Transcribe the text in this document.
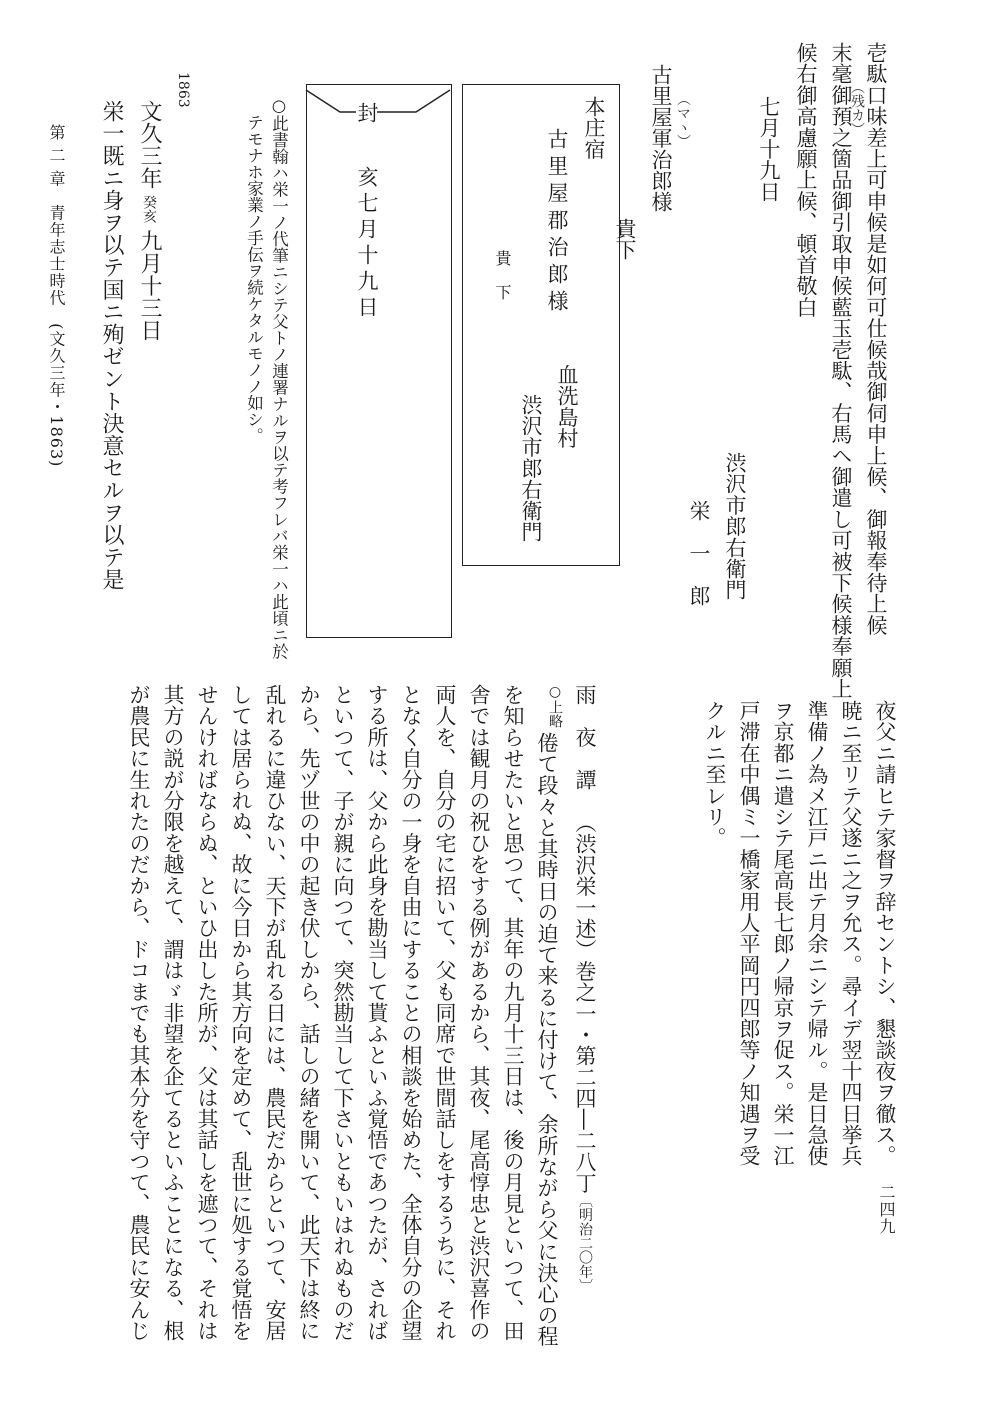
壱駄口味差上可申候是如何可仕候哉御伺申上候、御報奉待上候
末毫御預之箇品御引取申候藍玉壱駄、右馬ヘ御遣し可被下候様奉願上
（残カ）
候右御高慮願上候、頓首敬白
七月十九日
渋沢市郎右衛門
栄　一　郎
（マヽ）
古里屋軍治郎様
貴下
本庄宿
古里屋郡治郎様
貴　下
血洗島村
渋沢市郎右衛門
封
亥七月十九日
○此書翰ハ栄一ノ代筆ニシテ父トノ連署ナルヲ以テ考フレバ栄一ハ此頃ニ於
テモナホ家業ノ手伝ヲ続ケタルモノノ如シ。
1863
文久三年癸亥九月十三日
栄一既ニ身ヲ以テ国ニ殉ゼント決意セルヲ以テ是
第 二 章　青年志士時代　(文久三年・1863)
夜父ニ請ヒテ家督ヲ辞セントシ、懇談夜ヲ徹ス。
暁ニ至リテ父遂ニ之ヲ允ス。尋イデ翌十四日挙兵
準備ノ為メ江戸ニ出テ月余ニシテ帰ル。是日急使
ヲ京都ニ遣シテ尾高長七郎ノ帰京ヲ促ス。栄一江
戸滞在中偶ミ一橋家用人平岡円四郎等ノ知遇ヲ受
クルニ至レリ。
雨　夜　譚（渋沢栄一述）巻之一・第二四―二八丁〔明治二〇年〕
○上略
倦て段々と其時日の迫て来るに付けて、余所ながら父に決心の程
を知らせたいと思つて、其年の九月十三日は、後の月見といつて、田
舎では観月の祝ひをする例があるから、其夜、尾高惇忠と渋沢喜作の
両人を、自分の宅に招いて、父も同席で世間話しをするうちに、それ
となく自分の一身を自由にすることの相談を始めた、全体自分の企望
する所は、父から此身を勘当して貰ふといふ覚悟であつたが、されば
といつて、子が親に向つて、突然勘当して下さいともいはれぬものだ
から、先ヅ世の中の起き伏しから、話しの緒を開いて、此天下は終に
乱れるに違ひない、天下が乱れる日には、農民だからといつて、安居
しては居られぬ、故に今日から其方向を定めて、乱世に処する覚悟を
せんければならぬ、といひ出した所が、父は其話しを遮つて、それは
其方の説が分限を越えて、謂はゞ非望を企てるといふことになる、根
が農民に生れたのだから、ドコまでも其本分を守つて、農民に安んじ	二四九
